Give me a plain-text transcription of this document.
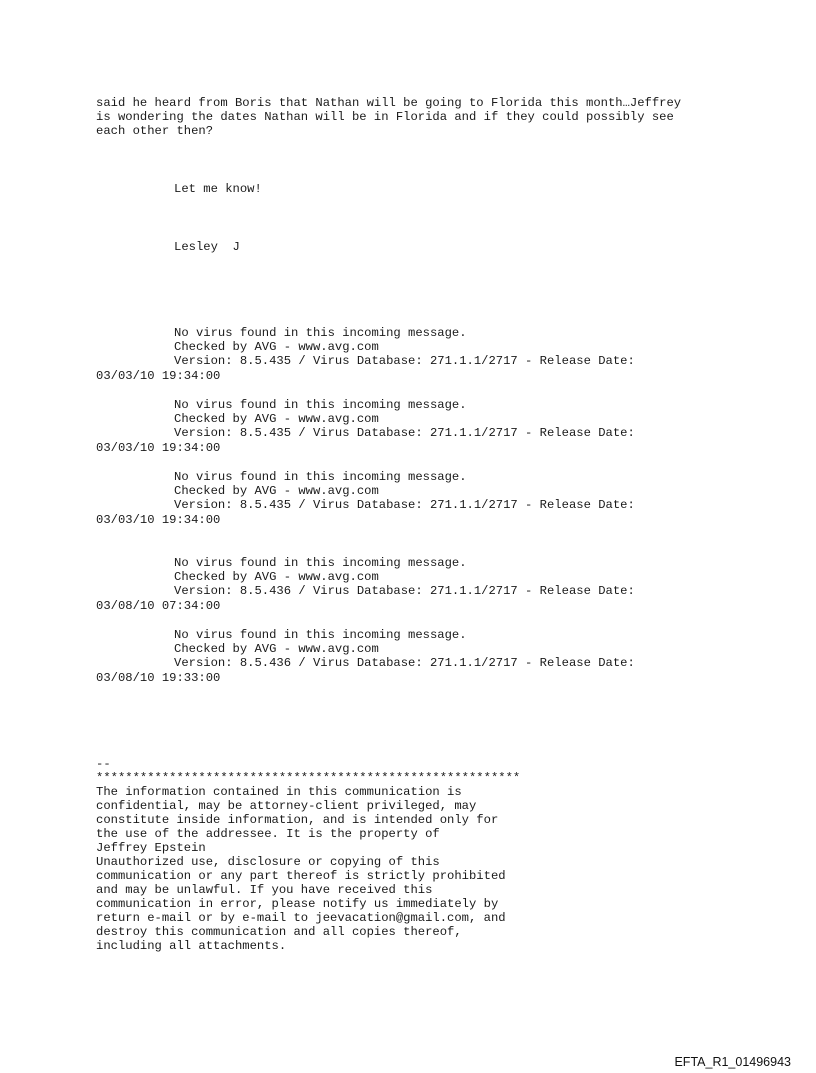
said he heard from Boris that Nathan will be going to Florida this month…Jeffrey
is wondering the dates Nathan will be in Florida and if they could possibly see
each other then?
Let me know!
Lesley  J
No virus found in this incoming message.
Checked by AVG - www.avg.com
Version: 8.5.435 / Virus Database: 271.1.1/2717 - Release Date:
03/03/10 19:34:00
No virus found in this incoming message.
Checked by AVG - www.avg.com
Version: 8.5.435 / Virus Database: 271.1.1/2717 - Release Date:
03/03/10 19:34:00
No virus found in this incoming message.
Checked by AVG - www.avg.com
Version: 8.5.435 / Virus Database: 271.1.1/2717 - Release Date:
03/03/10 19:34:00
No virus found in this incoming message.
Checked by AVG - www.avg.com
Version: 8.5.436 / Virus Database: 271.1.1/2717 - Release Date:
03/08/10 07:34:00
No virus found in this incoming message.
Checked by AVG - www.avg.com
Version: 8.5.436 / Virus Database: 271.1.1/2717 - Release Date:
03/08/10 19:33:00
--
**********************************************************
The information contained in this communication is
confidential, may be attorney-client privileged, may
constitute inside information, and is intended only for
the use of the addressee. It is the property of
Jeffrey Epstein
Unauthorized use, disclosure or copying of this
communication or any part thereof is strictly prohibited
and may be unlawful. If you have received this
communication in error, please notify us immediately by
return e-mail or by e-mail to jeevacation@gmail.com, and
destroy this communication and all copies thereof,
including all attachments.
EFTA_R1_01496943
